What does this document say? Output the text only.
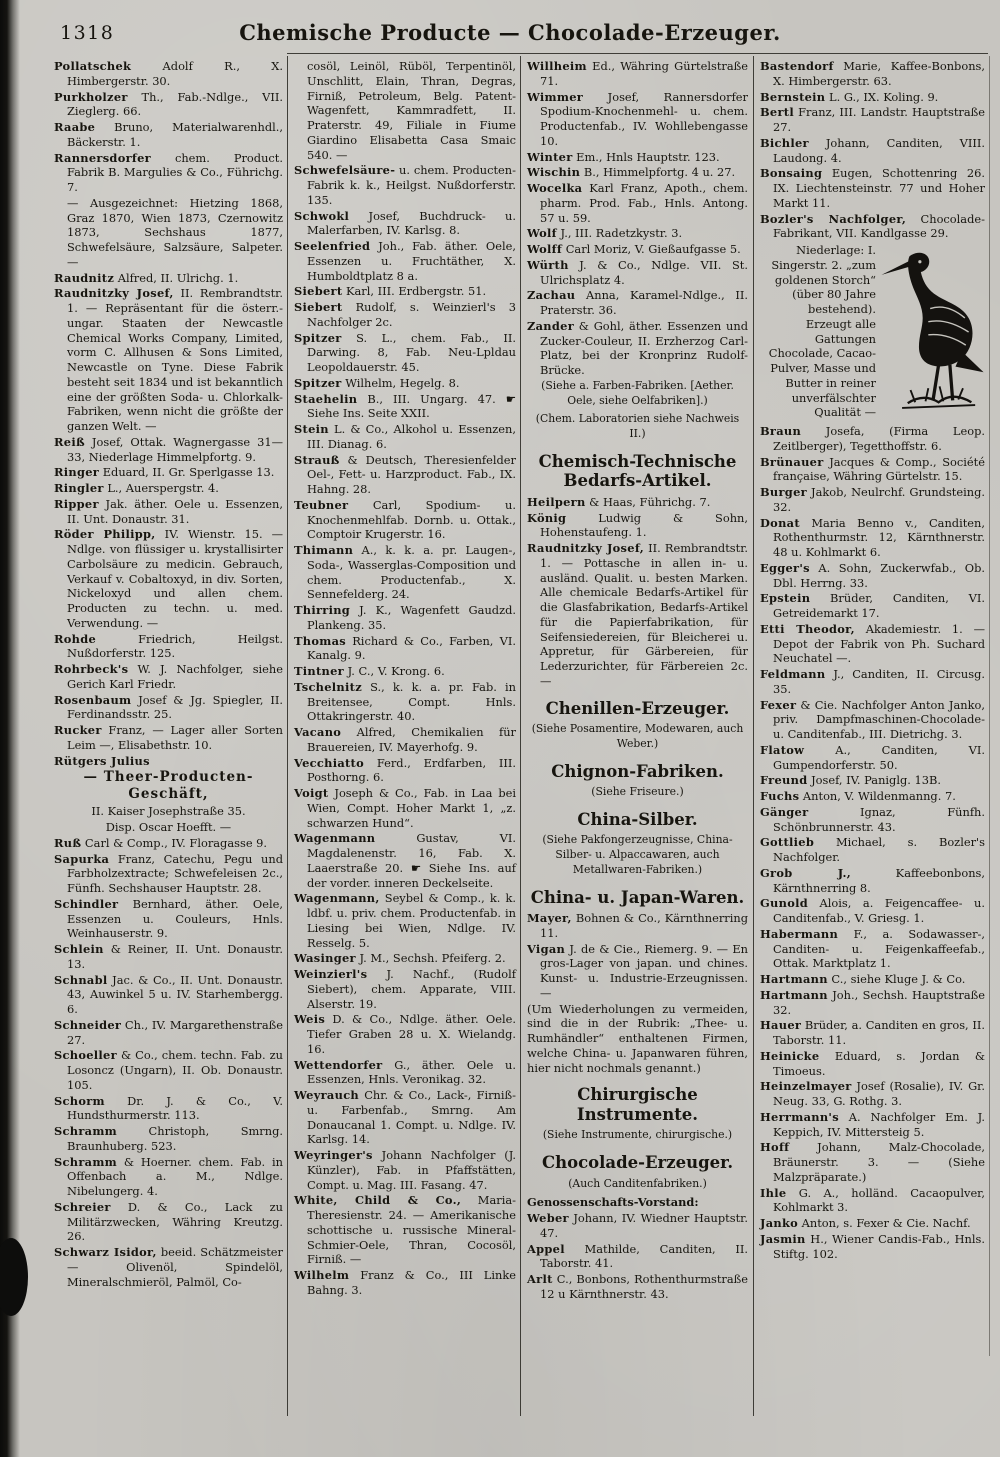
1318	Chemische Producte — Chocolade-Erzeuger.

Pollatschek Adolf R., X. Himbergerstr. 30.

Purkholzer Th., Fab.-Ndlge., VII. Zieglerg. 66.

Raabe Bruno, Materialwarenhdl., Bäckerstr. 1.

Rannersdorfer chem. Product. Fabrik B. Margulies & Co., Führichg. 7.

— Ausgezeichnet: Hietzing 1868, Graz 1870, Wien 1873, Czernowitz 1873, Sechshaus 1877, Schwefelsäure, Salzsäure, Salpeter. —

Raudnitz Alfred, II. Ulrichg. 1.

Raudnitzky Josef, II. Rembrandtstr. 1. — Repräsentant für die österr.-ungar. Staaten der Newcastle Chemical Works Company, Limited, vorm C. Allhusen & Sons Limited, Newcastle on Tyne. Diese Fabrik besteht seit 1834 und ist bekanntlich eine der größten Soda- u. Chlorkalk-Fabriken, wenn nicht die größte der ganzen Welt. —

Reiß Josef, Ottak. Wagnergasse 31—33, Niederlage Himmelpfortg. 9.

Ringer Eduard, II. Gr. Sperlgasse 13.

Ringler L., Auerspergstr. 4.

Ripper Jak. äther. Oele u. Essenzen, II. Unt. Donaustr. 31.

Röder Philipp, IV. Wienstr. 15. — Ndlge. von flüssiger u. krystallisirter Carbolsäure zu medicin. Gebrauch, Verkauf v. Cobaltoxyd, in div. Sorten, Nickeloxyd und allen chem. Producten zu techn. u. med. Verwendung. —

Rohde Friedrich, Heilgst. Nußdorferstr. 125.

Rohrbeck's W. J. Nachfolger, siehe Gerich Karl Friedr.

Rosenbaum Josef & Jg. Spiegler, II. Ferdinandsstr. 25.

Rucker Franz, — Lager aller Sorten Leim —, Elisabethstr. 10.

Rütgers Julius

— Theer-Producten-Geschäft,

II. Kaiser Josephstraße 35.

Disp. Oscar Hoefft. —

Ruß Carl & Comp., IV. Floragasse 9.

Sapurka Franz, Catechu, Pegu und Farbholzextracte; Schwefeleisen 2c., Fünfh. Sechshauser Hauptstr. 28.

Schindler Bernhard, äther. Oele, Essenzen u. Couleurs, Hnls. Weinhauserstr. 9.

Schlein & Reiner, II. Unt. Donaustr. 13.

Schnabl Jac. & Co., II. Unt. Donaustr. 43, Auwinkel 5 u. IV. Starhembergg. 6.

Schneider Ch., IV. Margarethenstraße 27.

Schoeller & Co., chem. techn. Fab. zu Losoncz (Ungarn), II. Ob. Donaustr. 105.

Schorm Dr. J. & Co., V. Hundsthurmerstr. 113.

Schramm Christoph, Smrng. Braunhuberg. 523.

Schramm & Hoerner. chem. Fab. in Offenbach a. M., Ndlge. Nibelungerg. 4.

Schreier D. & Co., Lack zu Militärzwecken, Währing Kreutzg. 26.

Schwarz Isidor, beeid. Schätzmeister — Olivenöl, Spindelöl, Mineralschmieröl, Palmöl, Co-

cosöl, Leinöl, Rüböl, Terpentinöl, Unschlitt, Elain, Thran, Degras, Firniß, Petroleum, Belg. Patent-Wagenfett, Kammradfett, II. Praterstr. 49, Filiale in Fiume Giardino Elisabetta Casa Smaic 540. —

Schwefelsäure- u. chem. Producten-Fabrik k. k., Heilgst. Nußdorferstr. 135.

Schwokl Josef, Buchdruck- u. Malerfarben, IV. Karlsg. 8.

Seelenfried Joh., Fab. äther. Oele, Essenzen u. Fruchtäther, X. Humboldtplatz 8 a.

Siebert Karl, III. Erdbergstr. 51.

Siebert Rudolf, s. Weinzierl's 3 Nachfolger 2c.

Spitzer S. L., chem. Fab., II. Darwing. 8, Fab. Neu-Lpldau Leopoldauerstr. 45.

Spitzer Wilhelm, Hegelg. 8.

Staehelin B., III. Ungarg. 47. ☛ Siehe Ins. Seite XXII.

Stein L. & Co., Alkohol u. Essenzen, III. Dianag. 6.

Strauß & Deutsch, Theresienfelder Oel-, Fett- u. Harzproduct. Fab., IX. Hahng. 28.

Teubner Carl, Spodium- u. Knochenmehlfab. Dornb. u. Ottak., Comptoir Krugerstr. 16.

Thimann A., k. k. a. pr. Laugen-, Soda-, Wasserglas-Composition und chem. Productenfab., X. Sennefelderg. 24.

Thirring J. K., Wagenfett Gaudzd. Plankeng. 35.

Thomas Richard & Co., Farben, VI. Kanalg. 9.

Tintner J. C., V. Krong. 6.

Tschelnitz S., k. k. a. pr. Fab. in Breitensee, Compt. Hnls. Ottakringerstr. 40.

Vacano Alfred, Chemikalien für Brauereien, IV. Mayerhofg. 9.

Vecchiatto Ferd., Erdfarben, III. Posthorng. 6.

Voigt Joseph & Co., Fab. in Laa bei Wien, Compt. Hoher Markt 1, „z. schwarzen Hund“.

Wagenmann Gustav, VI. Magdalenenstr. 16, Fab. X. Laaerstraße 20. ☛ Siehe Ins. auf der vorder. inneren Deckelseite.

Wagenmann, Seybel & Comp., k. k. ldbf. u. priv. chem. Productenfab. in Liesing bei Wien, Ndlge. IV. Resselg. 5.

Wasinger J. M., Sechsh. Pfeiferg. 2.

Weinzierl's J. Nachf., (Rudolf Siebert), chem. Apparate, VIII. Alserstr. 19.

Weis D. & Co., Ndlge. äther. Oele. Tiefer Graben 28 u. X. Wielandg. 16.

Wettendorfer G., äther. Oele u. Essenzen, Hnls. Veronikag. 32.

Weyrauch Chr. & Co., Lack-, Firniß- u. Farbenfab., Smrng. Am Donaucanal 1. Compt. u. Ndlge. IV. Karlsg. 14.

Weyringer's Johann Nachfolger (J. Künzler), Fab. in Pfaffstätten, Compt. u. Mag. III. Fasang. 47.

White, Child & Co., Maria-Theresienstr. 24. — Amerikanische schottische u. russische Mineral-Schmier-Oele, Thran, Cocosöl, Firniß. —

Wilhelm Franz & Co., III Linke Bahng. 3.

Willheim Ed., Währing Gürtelstraße 71.

Wimmer Josef, Rannersdorfer Spodium-Knochenmehl- u. chem. Productenfab., IV. Wohllebengasse 10.

Winter Em., Hnls Hauptstr. 123.

Wischin B., Himmelpfortg. 4 u. 27.

Wocelka Karl Franz, Apoth., chem. pharm. Prod. Fab., Hnls. Antong. 57 u. 59.

Wolf J., III. Radetzkystr. 3.

Wolff Carl Moriz, V. Gießaufgasse 5.

Würth J. & Co., Ndlge. VII. St. Ulrichsplatz 4.

Zachau Anna, Karamel-Ndlge., II. Praterstr. 36.

Zander & Gohl, äther. Essenzen und Zucker-Couleur, II. Erzherzog Carl-Platz, bei der Kronprinz Rudolf-Brücke.

(Siehe a. Farben-Fabriken. [Aether. Oele, siehe Oelfabriken].)

(Chem. Laboratorien siehe Nachweis II.)

Chemisch-Technische Bedarfs-Artikel.

Heilpern & Haas, Führichg. 7.

König Ludwig & Sohn, Hohenstaufeng. 1.

Raudnitzky Josef, II. Rembrandtstr. 1. — Pottasche in allen in- u. ausländ. Qualit. u. besten Marken. Alle chemicale Bedarfs-Artikel für die Glasfabrikation, Bedarfs-Artikel für die Papierfabrikation, für Seifensiedereien, für Bleicherei u. Appretur, für Gärbereien, für Lederzurichter, für Färbereien 2c. —

Chenillen-Erzeuger.

(Siehe Posamentire, Modewaren, auch Weber.)

Chignon-Fabriken.

(Siehe Friseure.)

China-Silber.

(Siehe Pakfongerzeugnisse, China-Silber- u. Alpaccawaren, auch Metallwaren-Fabriken.)

China- u. Japan-Waren.

Mayer, Bohnen & Co., Kärnthnerring 11.

Vigan J. de & Cie., Riemerg. 9. — En gros-Lager von japan. und chines. Kunst- u. Industrie-Erzeugnissen. —

(Um Wiederholungen zu vermeiden, sind die in der Rubrik: „Thee- u. Rumhändler“ enthaltenen Firmen, welche China- u. Japanwaren führen, hier nicht nochmals genannt.)

Chirurgische Instrumente.

(Siehe Instrumente, chirurgische.)

Chocolade-Erzeuger.

(Auch Canditenfabriken.)

Genossenschafts-Vorstand:

Weber Johann, IV. Wiedner Hauptstr. 47.

Appel Mathilde, Canditen, II. Taborstr. 41.

Arlt C., Bonbons, Rothenthurmstraße 12 u Kärnthnerstr. 43.

Bastendorf Marie, Kaffee-Bonbons, X. Himbergerstr. 63.

Bernstein L. G., IX. Koling. 9.

Bertl Franz, III. Landstr. Hauptstraße 27.

Bichler Johann, Canditen, VIII. Laudong. 4.

Bonsaing Eugen, Schottenring 26. IX. Liechtensteinstr. 77 und Hoher Markt 11.

Bozler's Nachfolger, Chocolade-Fabrikant, VII. Kandlgasse 29.

Niederlage: I. Singerstr. 2. „zum goldenen Storch“ (über 80 Jahre bestehend). Erzeugt alle Gattungen Chocolade, Cacao-Pulver, Masse und Butter in reiner unverfälschter Qualität —

Braun Josefa, (Firma Leop. Zeitlberger), Tegetthoffstr. 6.

Brünauer Jacques & Comp., Société française, Währing Gürtelstr. 15.

Burger Jakob, Neulrchf. Grundsteing. 32.

Donat Maria Benno v., Canditen, Rothenthurmstr. 12, Kärnthnerstr. 48 u. Kohlmarkt 6.

Egger's A. Sohn, Zuckerwfab., Ob. Dbl. Herrng. 33.

Epstein Brüder, Canditen, VI. Getreidemarkt 17.

Etti Theodor, Akademiestr. 1. — Depot der Fabrik von Ph. Suchard Neuchatel —.

Feldmann J., Canditen, II. Circusg. 35.

Fexer & Cie. Nachfolger Anton Janko, priv. Dampfmaschinen-Chocolade- u. Canditenfab., III. Dietrichg. 3.

Flatow A., Canditen, VI. Gumpendorferstr. 50.

Freund Josef, IV. Paniglg. 13B.

Fuchs Anton, V. Wildenmanng. 7.

Gänger Ignaz, Fünfh. Schönbrunnerstr. 43.

Gottlieb Michael, s. Bozler's Nachfolger.

Grob J., Kaffeebonbons, Kärnthnerring 8.

Gunold Alois, a. Feigencaffee- u. Canditenfab., V. Griesg. 1.

Habermann F., a. Sodawasser-, Canditen- u. Feigenkaffeefab., Ottak. Marktplatz 1.

Hartmann C., siehe Kluge J. & Co.

Hartmann Joh., Sechsh. Hauptstraße 32.

Hauer Brüder, a. Canditen en gros, II. Taborstr. 11.

Heinicke Eduard, s. Jordan & Timoeus.

Heinzelmayer Josef (Rosalie), IV. Gr. Neug. 33, G. Rothg. 3.

Herrmann's A. Nachfolger Em. J. Keppich, IV. Mittersteig 5.

Hoff Johann, Malz-Chocolade, Bräunerstr. 3. — (Siehe Malzpräparate.)

Ihle G. A., holländ. Cacaopulver, Kohlmarkt 3.

Janko Anton, s. Fexer & Cie. Nachf.

Jasmin H., Wiener Candis-Fab., Hnls. Stiftg. 102.
